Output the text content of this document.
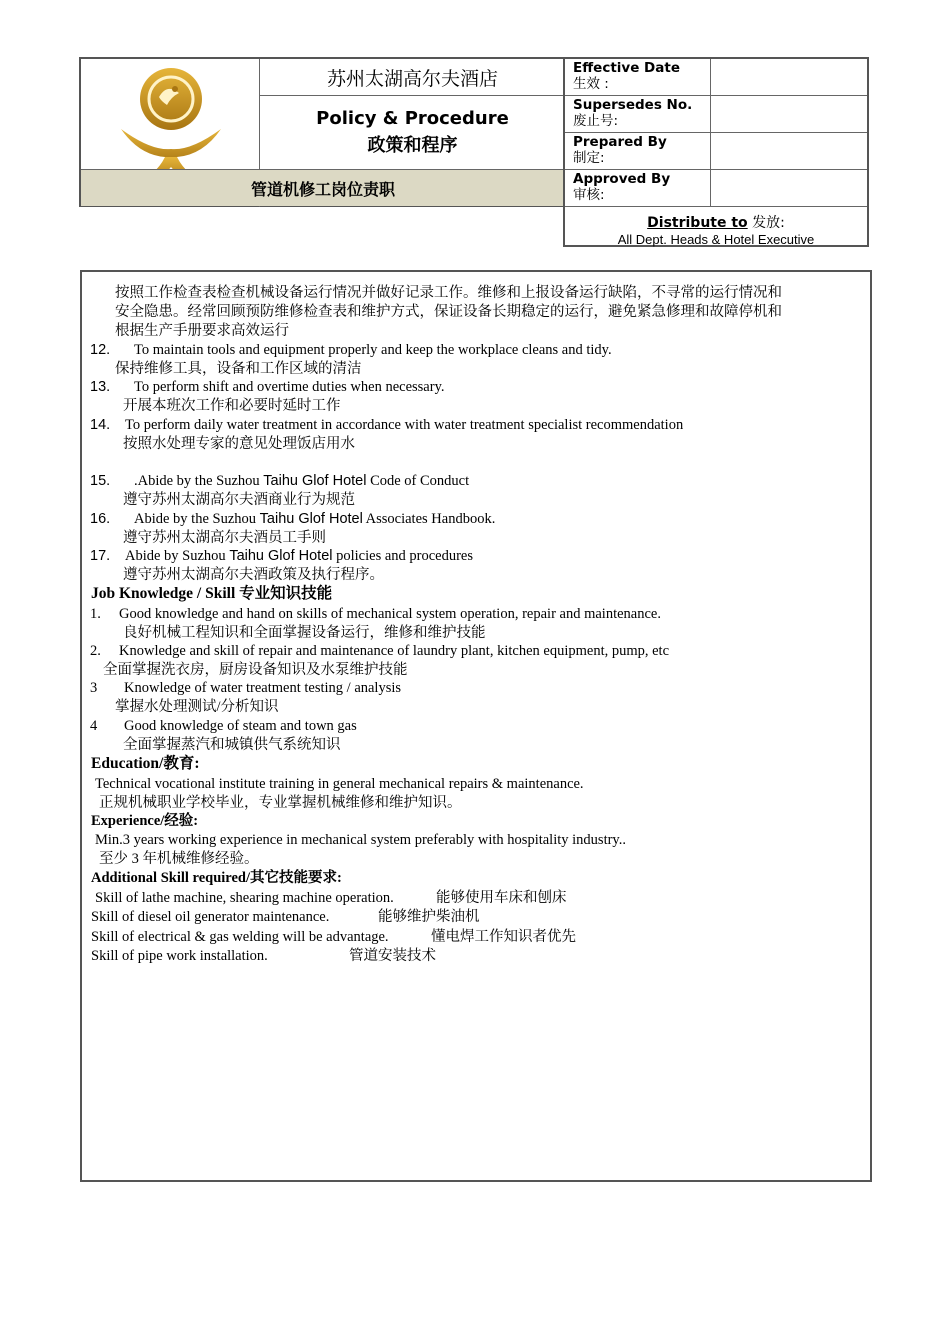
苏州太湖高尔夫酒店
Policy & Procedure
政策和程序
管道机修工岗位责职
Effective Date
生效 :
Supersedes No.
废止号:
Prepared By
制定:
Approved By
审核:
Distribute to 发放:
All Dept. Heads & Hotel Executive
按照工作检查表检查机械设备运行情况并做好记录工作。维修和上报设备运行缺陷，不寻常的运行情况和
安全隐患。经常回顾预防维修检查表和维护方式，保证设备长期稳定的运行，避免紧急修理和故障停机和
根据生产手册要求高效运行
12. To maintain tools and equipment properly and keep the workplace cleans and tidy.
保持维修工具，设备和工作区域的清洁
13. To perform shift and overtime duties when necessary.
开展本班次工作和必要时延时工作
14. To perform daily water treatment in accordance with water treatment specialist recommendation
按照水处理专家的意见处理饭店用水
15. .Abide by the Suzhou Taihu Glof Hotel Code of Conduct
遵守苏州太湖高尔夫酒商业行为规范
16. Abide by the Suzhou Taihu Glof Hotel Associates Handbook.
遵守苏州太湖高尔夫酒员工手则
17. Abide by Suzhou Taihu Glof Hotel policies and procedures
遵守苏州太湖高尔夫酒政策及执行程序。
Job Knowledge / Skill 专业知识技能
1. Good knowledge and hand on skills of mechanical system operation, repair and maintenance.
良好机械工程知识和全面掌握设备运行，维修和维护技能
2. Knowledge and skill of repair and maintenance of laundry plant, kitchen equipment, pump, etc
全面掌握洗衣房，厨房设备知识及水泵维护技能
3 Knowledge of water treatment testing / analysis
掌握水处理测试/分析知识
4 Good knowledge of steam and town gas
全面掌握蒸汽和城镇供气系统知识
Education/教育:
Technical vocational institute training in general mechanical repairs & maintenance.
正规机械职业学校毕业，专业掌握机械维修和维护知识。
Experience/经验:
Min.3 years working experience in mechanical system preferably with hospitality industry..
至少 3 年机械维修经验。
Additional Skill required/其它技能要求:
Skill of lathe machine, shearing machine operation.	能够使用车床和刨床
Skill of diesel oil generator maintenance.	能够维护柴油机
Skill of electrical & gas welding will be advantage.	懂电焊工作知识者优先
Skill of pipe work installation.	管道安装技术
